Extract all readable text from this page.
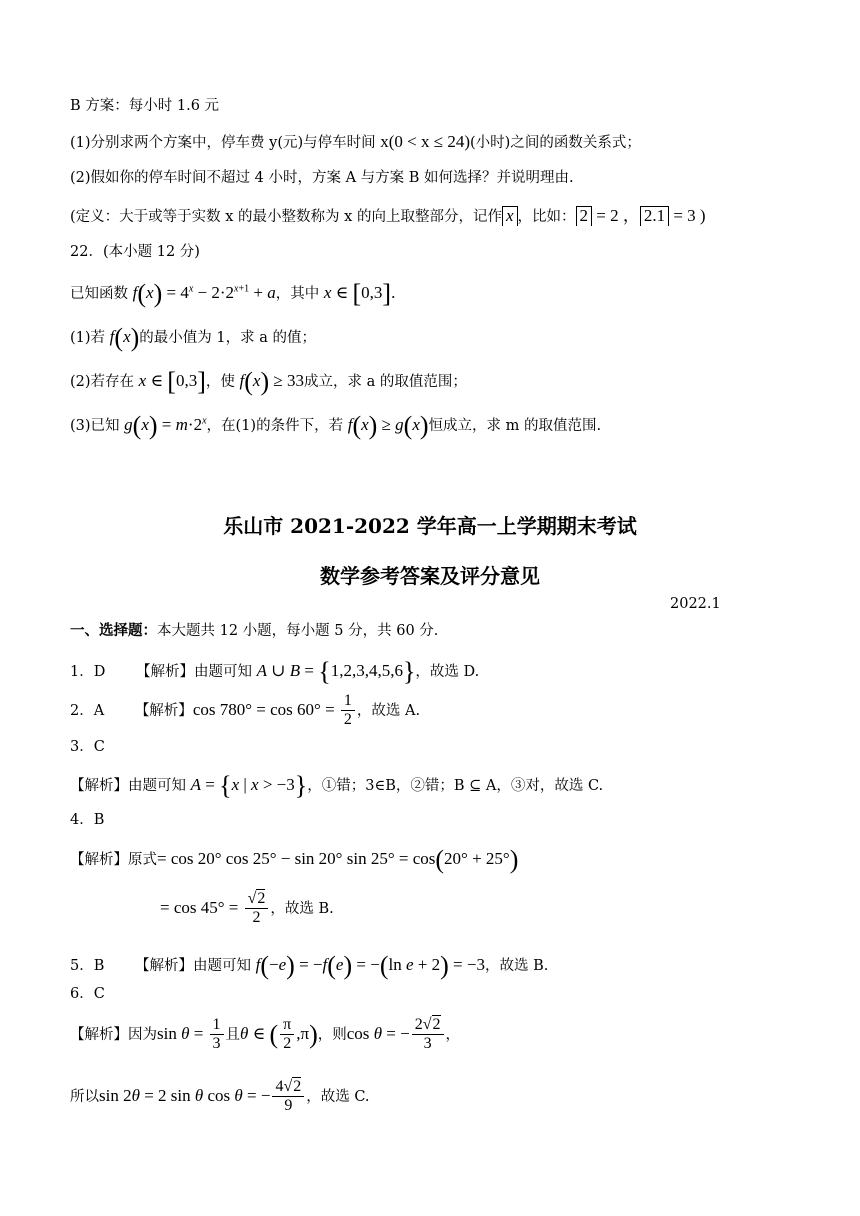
B 方案：每小时 1.6 元
(1)分别求两个方案中，停车费 y(元)与停车时间 x(0 < x ≤ 24)(小时)之间的函数关系式；
(2)假如你的停车时间不超过 4 小时，方案 A 与方案 B 如何选择？并说明理由.
(定义：大于或等于实数 x 的最小整数称为 x 的向上取整部分，记作 x ，比如： 2 = 2 ， 2.1 = 3 )
22．(本小题 12 分)
已知函数 $f(x) = 4^x - 2\cdot 2^{x+1} + a$，其中 x ∈ [0,3].
(1)若 f(x)的最小值为 1，求 a 的值；
(2)若存在 x ∈ [0,3]，使 f(x) ≥ 33成立，求 a 的取值范围；
(3)已知 $g(x) = m\cdot 2^x$，在(1)的条件下，若 f(x) ≥ g(x)恒成立，求 m 的取值范围.
乐山市 2021-2022 学年高一上学期期末考试
数学参考答案及评分意见
2022.1
一、选择题：本大题共 12 小题，每小题 5 分，共 60 分.
1．D 【解析】由题可知 A ∪ B = {1,2,3,4,5,6}，故选 D.
2．A 【解析】$\cos 780^\circ = \cos 60^\circ = \frac{1}{2}$ ，故选 A.
3．C
【解析】由题可知 A = {x | x > −3}，①错；3∈B，②错；B ⊆ A，③对，故选 C.
4．B
【解析】原式= cos 20° cos 25° − sin 20° sin 25° = cos(20° + 25°)
= $\cos 45^\circ = \frac{√2}{2}$ ，故选 B.
5．B 【解析】由题可知 f(−e) = −f(e) = −(ln e + 2) = −3，故选 B.
6．C
【解析】因为$\sin \theta = \frac{1}{3}$ 且θ ∈ ( $\frac{\pi}{2} ,\pi$)，则cos θ = − $\frac{2√2}{3}$ ，
所以sin 2θ = 2 sin θ cos θ = − $\frac{4√2}{9}$ ，故选 C.
